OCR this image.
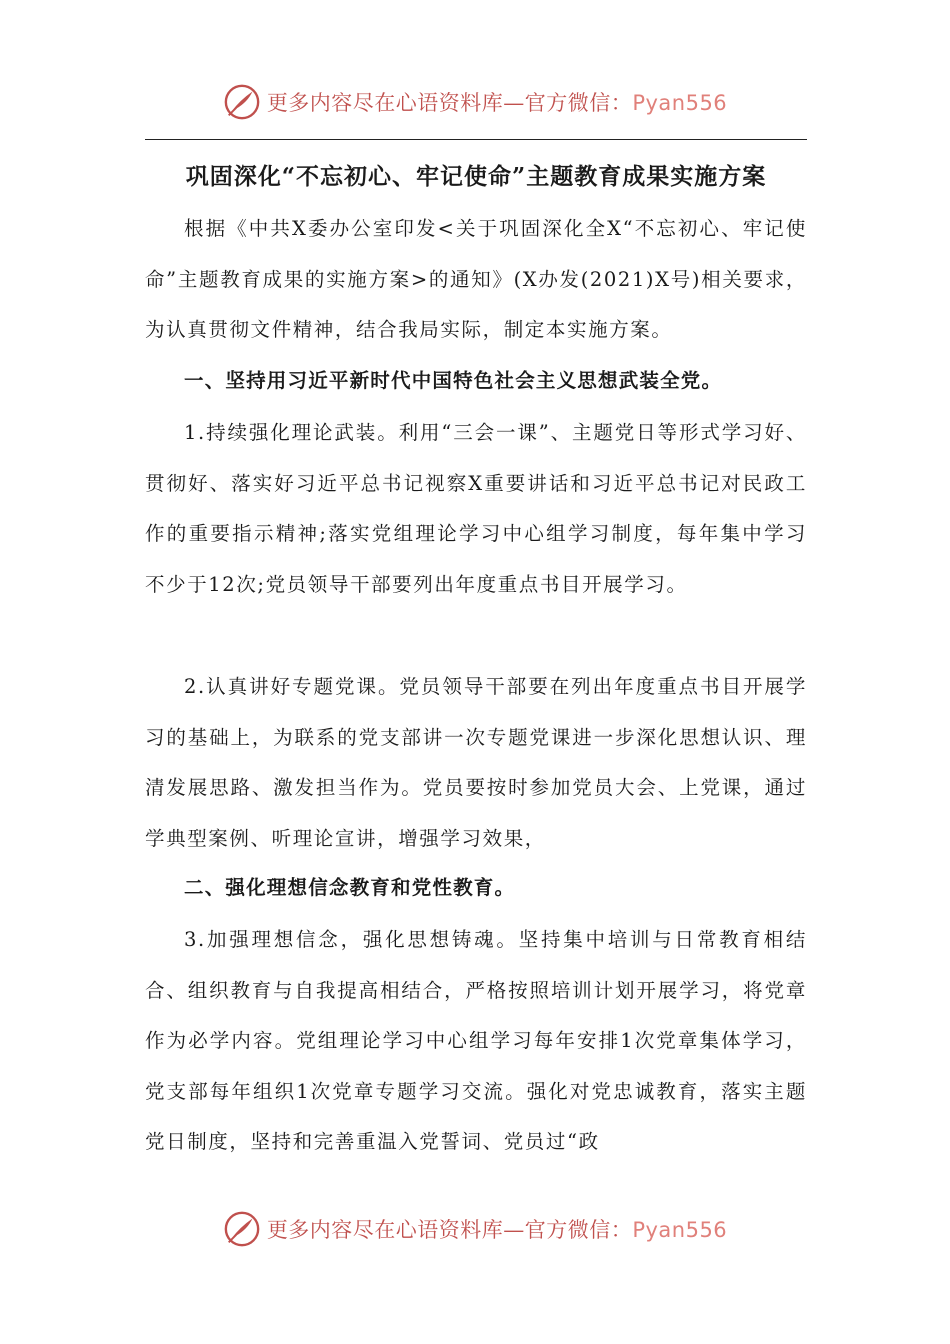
更多内容尽在心语资料库—官方微信：Pyan556
巩固深化“不忘初心、牢记使命”主题教育成果实施方案
根据《中共X委办公室印发<关于巩固深化全X“不忘初心、牢记使命”主题教育成果的实施方案>的通知》(X办发(2021)X号)相关要求，为认真贯彻文件精神，结合我局实际，制定本实施方案。
一、坚持用习近平新时代中国特色社会主义思想武装全党。
1.持续强化理论武装。利用“三会一课”、主题党日等形式学习好、贯彻好、落实好习近平总书记视察X重要讲话和习近平总书记对民政工作的重要指示精神;落实党组理论学习中心组学习制度，每年集中学习不少于12次;党员领导干部要列出年度重点书目开展学习。
2.认真讲好专题党课。党员领导干部要在列出年度重点书目开展学习的基础上，为联系的党支部讲一次专题党课进一步深化思想认识、理清发展思路、激发担当作为。党员要按时参加党员大会、上党课，通过学典型案例、听理论宣讲，增强学习效果，
二、强化理想信念教育和党性教育。
3.加强理想信念，强化思想铸魂。坚持集中培训与日常教育相结合、组织教育与自我提高相结合，严格按照培训计划开展学习，将党章作为必学内容。党组理论学习中心组学习每年安排1次党章集体学习，党支部每年组织1次党章专题学习交流。强化对党忠诚教育，落实主题党日制度，坚持和完善重温入党誓词、党员过“政
更多内容尽在心语资料库—官方微信：Pyan556
